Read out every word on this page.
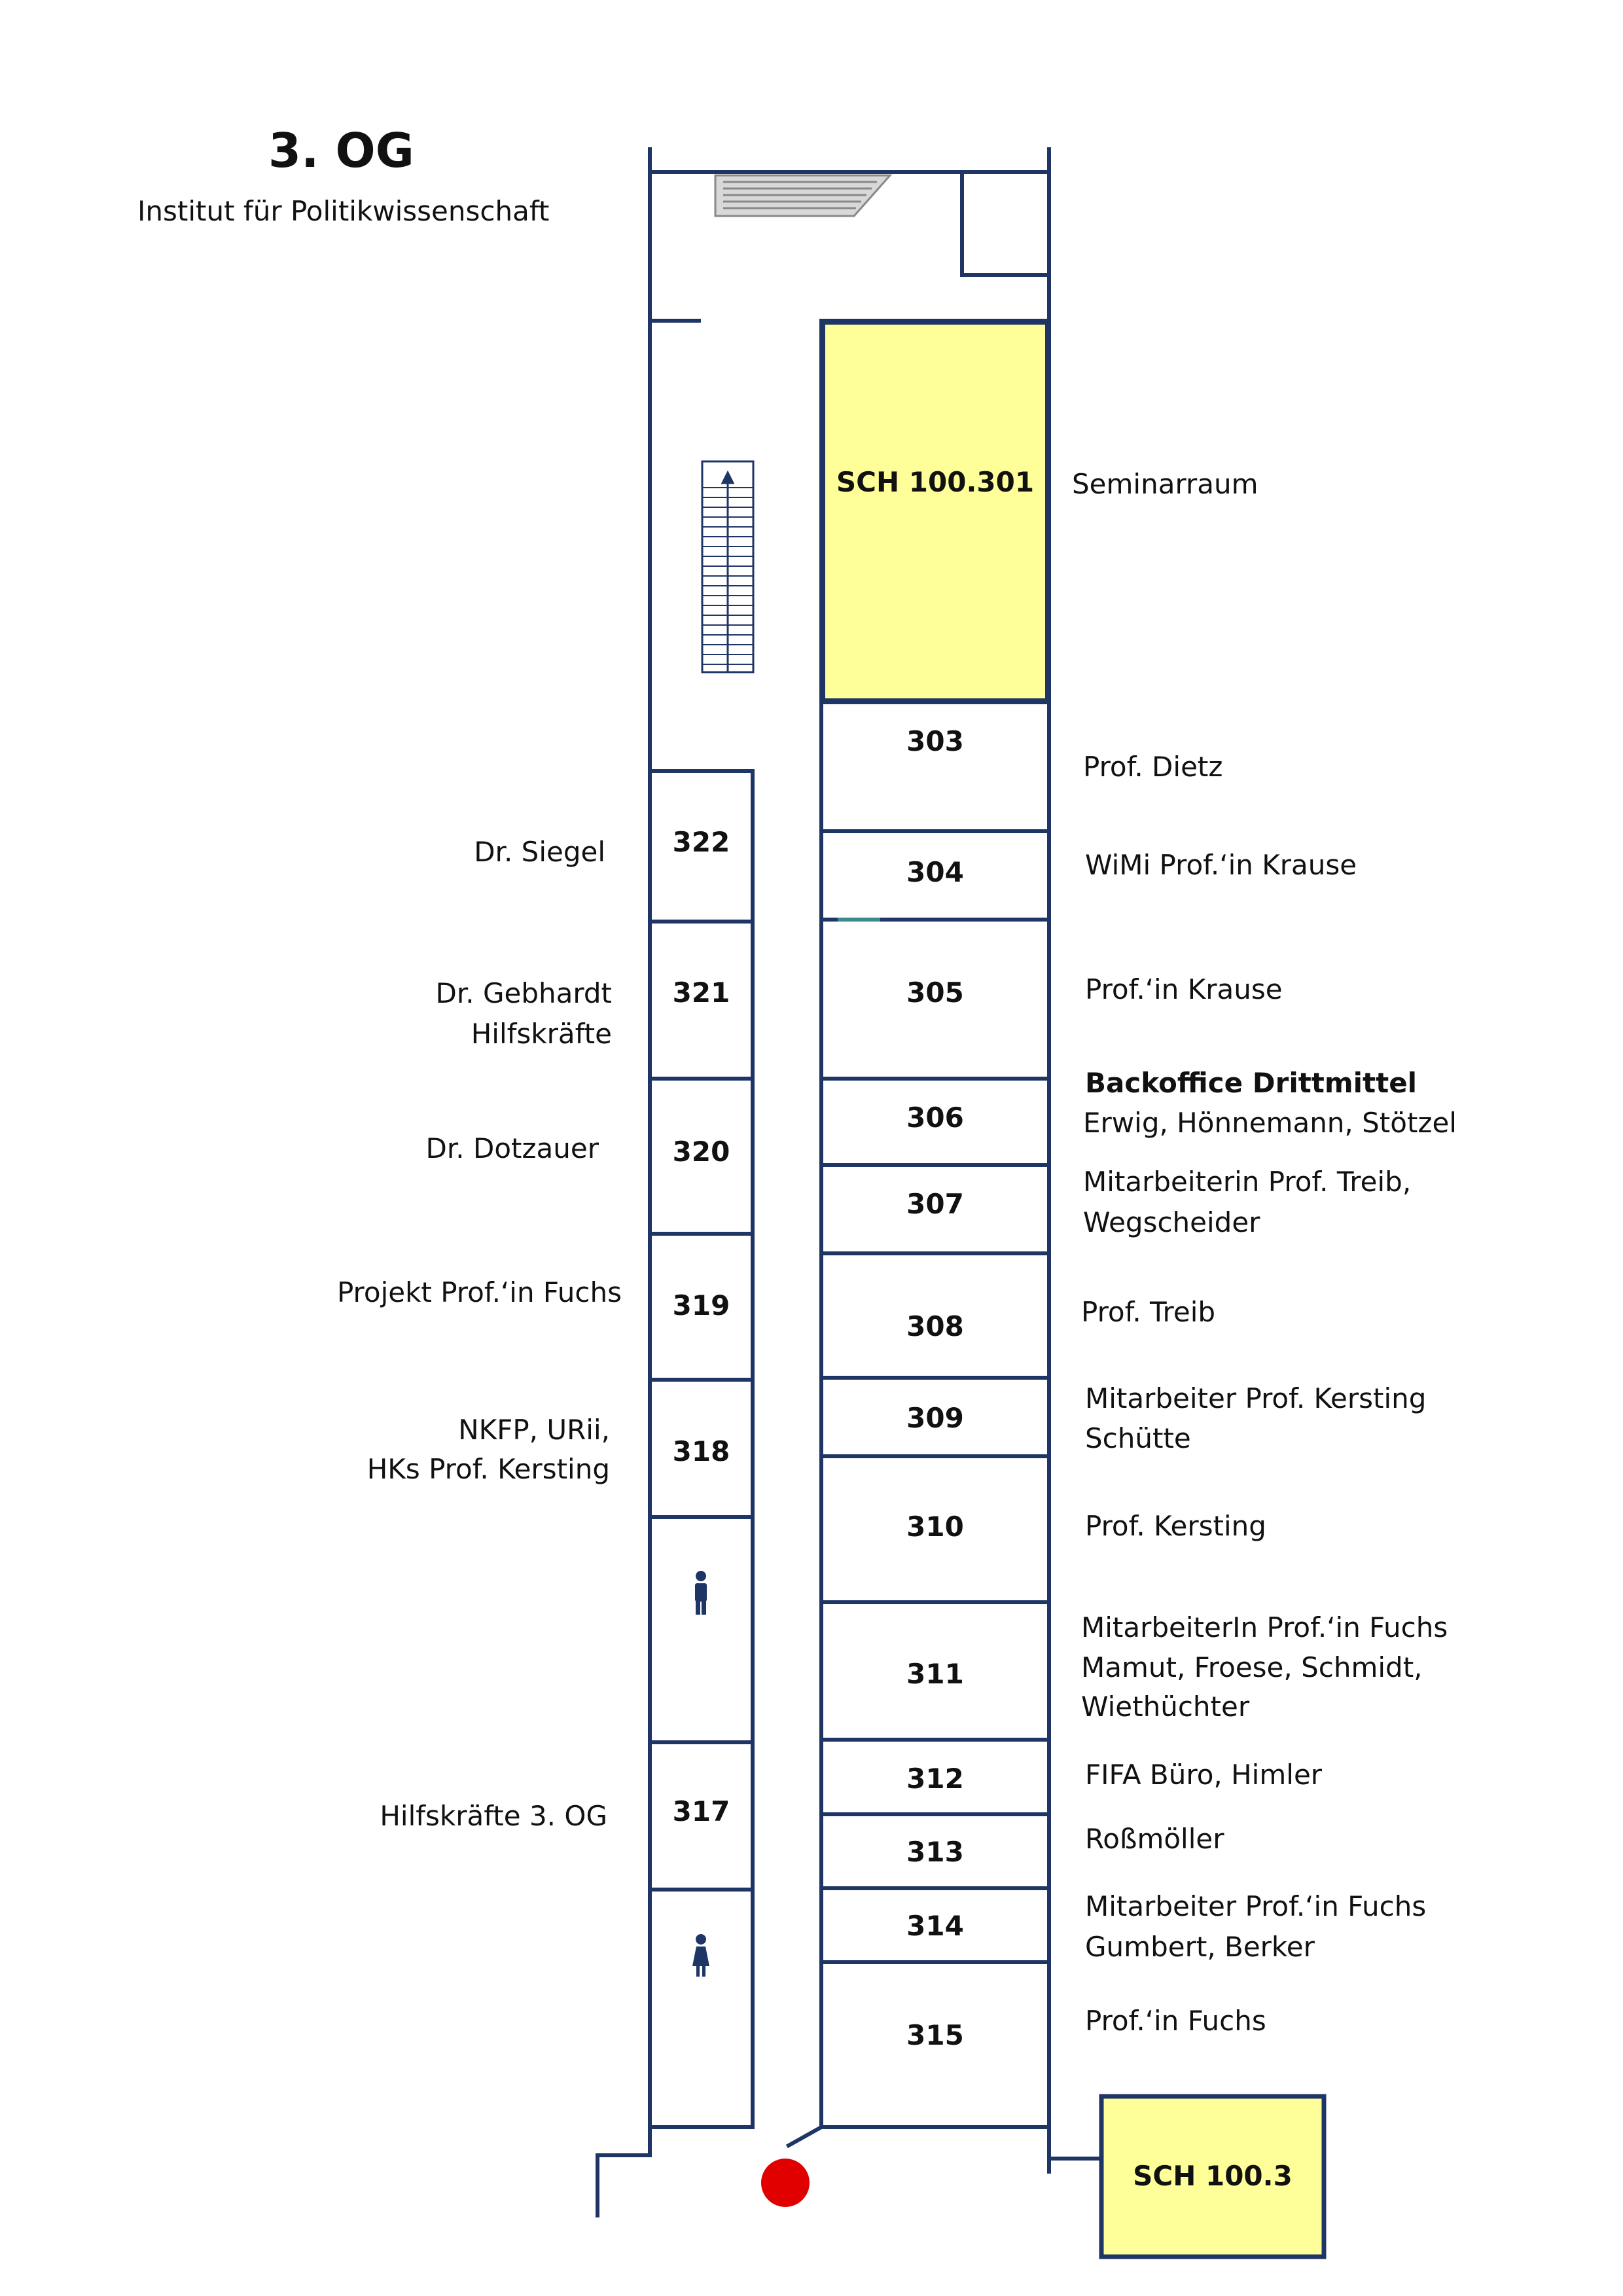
3. OG
Institut für Politikwissenschaft
SCH 100.301	Seminarraum
303
304
305
306
307
308
309
310
311
312
313
314
315
322
321
320
319
318
317
SCH 100.3
Prof. Dietz
WiMi Prof.‘in Krause
Prof.‘in Krause
Backoffice Drittmittel
Erwig, Hönnemann, Stötzel
Mitarbeiterin Prof. Treib,
Wegscheider
Prof. Treib
Mitarbeiter Prof. Kersting
Schütte
Prof. Kersting
MitarbeiterIn Prof.‘in Fuchs
Mamut, Froese, Schmidt,
Wiethüchter
FIFA Büro, Himler
Roßmöller
Mitarbeiter Prof.‘in Fuchs
Gumbert, Berker
Prof.‘in Fuchs
Dr. Siegel
Dr. Gebhardt
Hilfskräfte
Dr. Dotzauer
Projekt Prof.‘in Fuchs
NKFP, URii,
HKs Prof. Kersting
Hilfskräfte 3. OG
